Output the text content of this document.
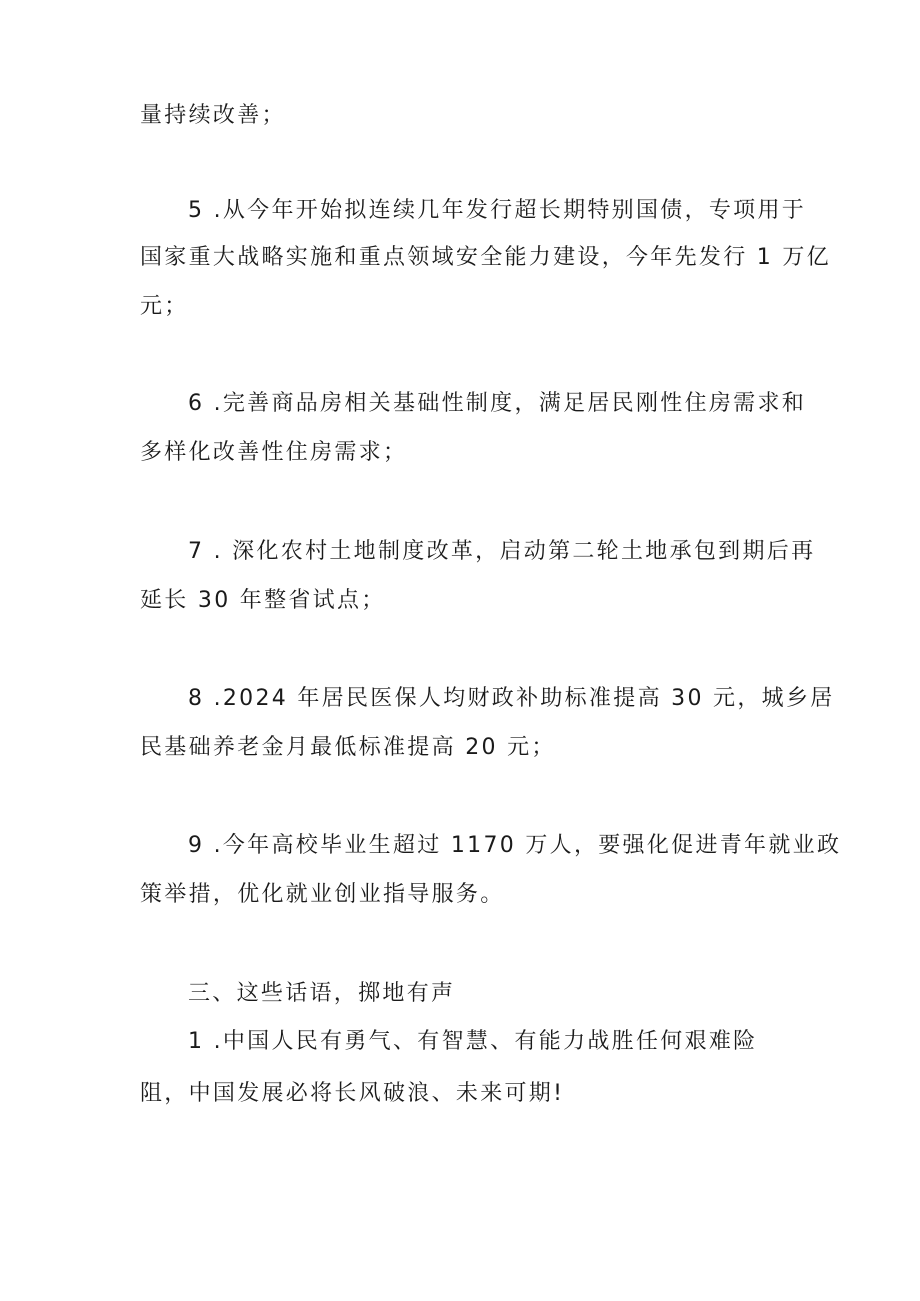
量持续改善；
5 .从今年开始拟连续几年发行超长期特别国债，专项用于
国家重大战略实施和重点领域安全能力建设，今年先发行 1 万亿
元；
6 .完善商品房相关基础性制度，满足居民刚性住房需求和
多样化改善性住房需求；
7 . 深化农村土地制度改革，启动第二轮土地承包到期后再
延长 30 年整省试点；
8 .2024 年居民医保人均财政补助标准提高 30 元，城乡居
民基础养老金月最低标准提高 20 元；
9 .今年高校毕业生超过 1170 万人，要强化促进青年就业政
策举措，优化就业创业指导服务。
三、这些话语，掷地有声
1 .中国人民有勇气、有智慧、有能力战胜任何艰难险
阻，中国发展必将长风破浪、未来可期!
